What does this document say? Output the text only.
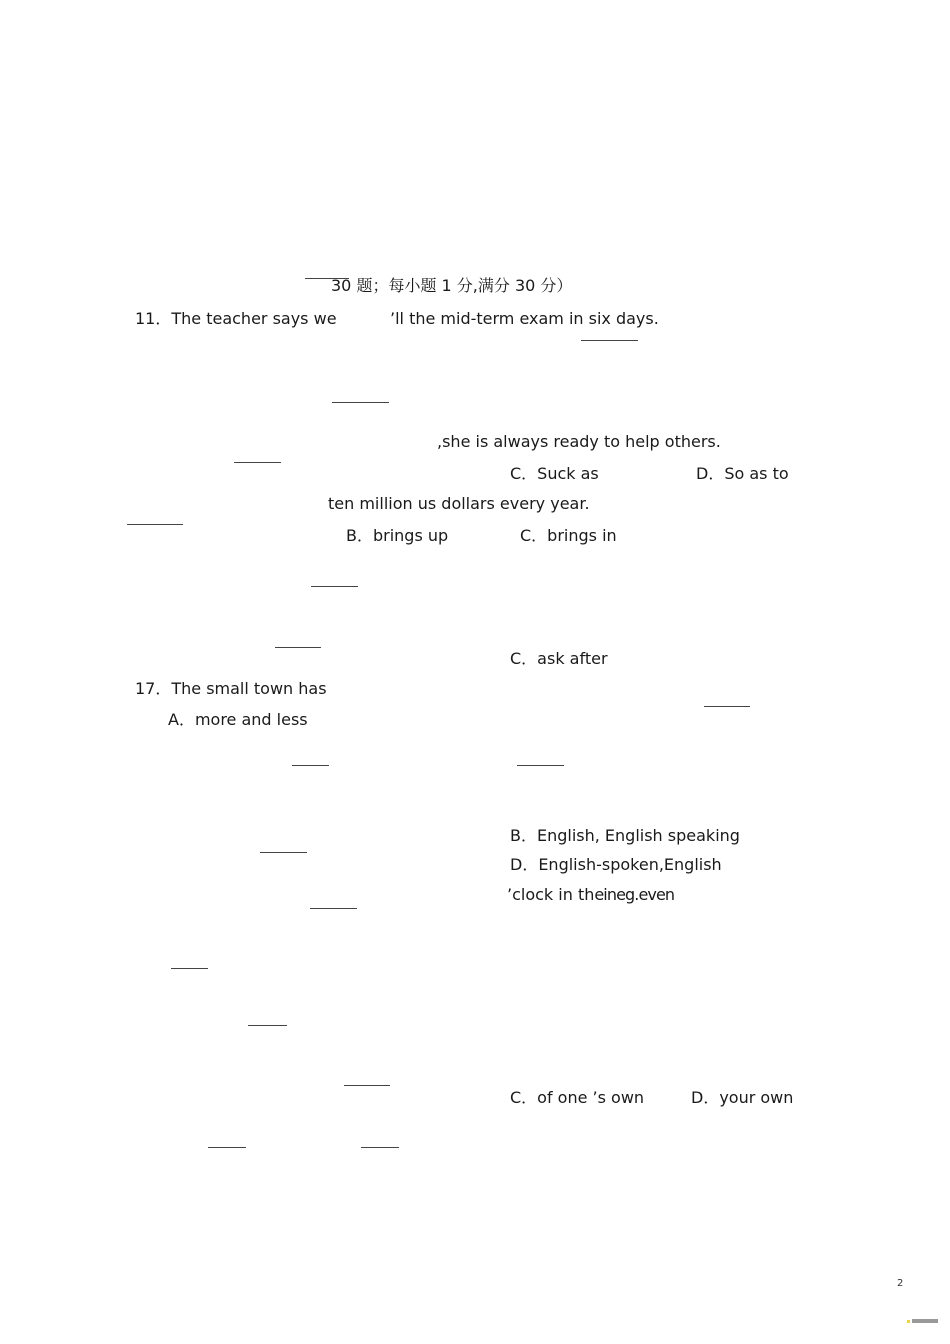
30 题；每小题 1 分,满分 30 分）
11．The teacher says we	’ll the mid-term exam in six days.
,she is always ready to help others.
C．Suck as	D．So as to
ten million us dollars every year.
B．brings up	C．brings in
C．ask after
17．The small town has
A．more and less
B．English, English speaking
D．English-spoken,English
’clock in theineg.even
C．of one ’s own	D．your own
2
